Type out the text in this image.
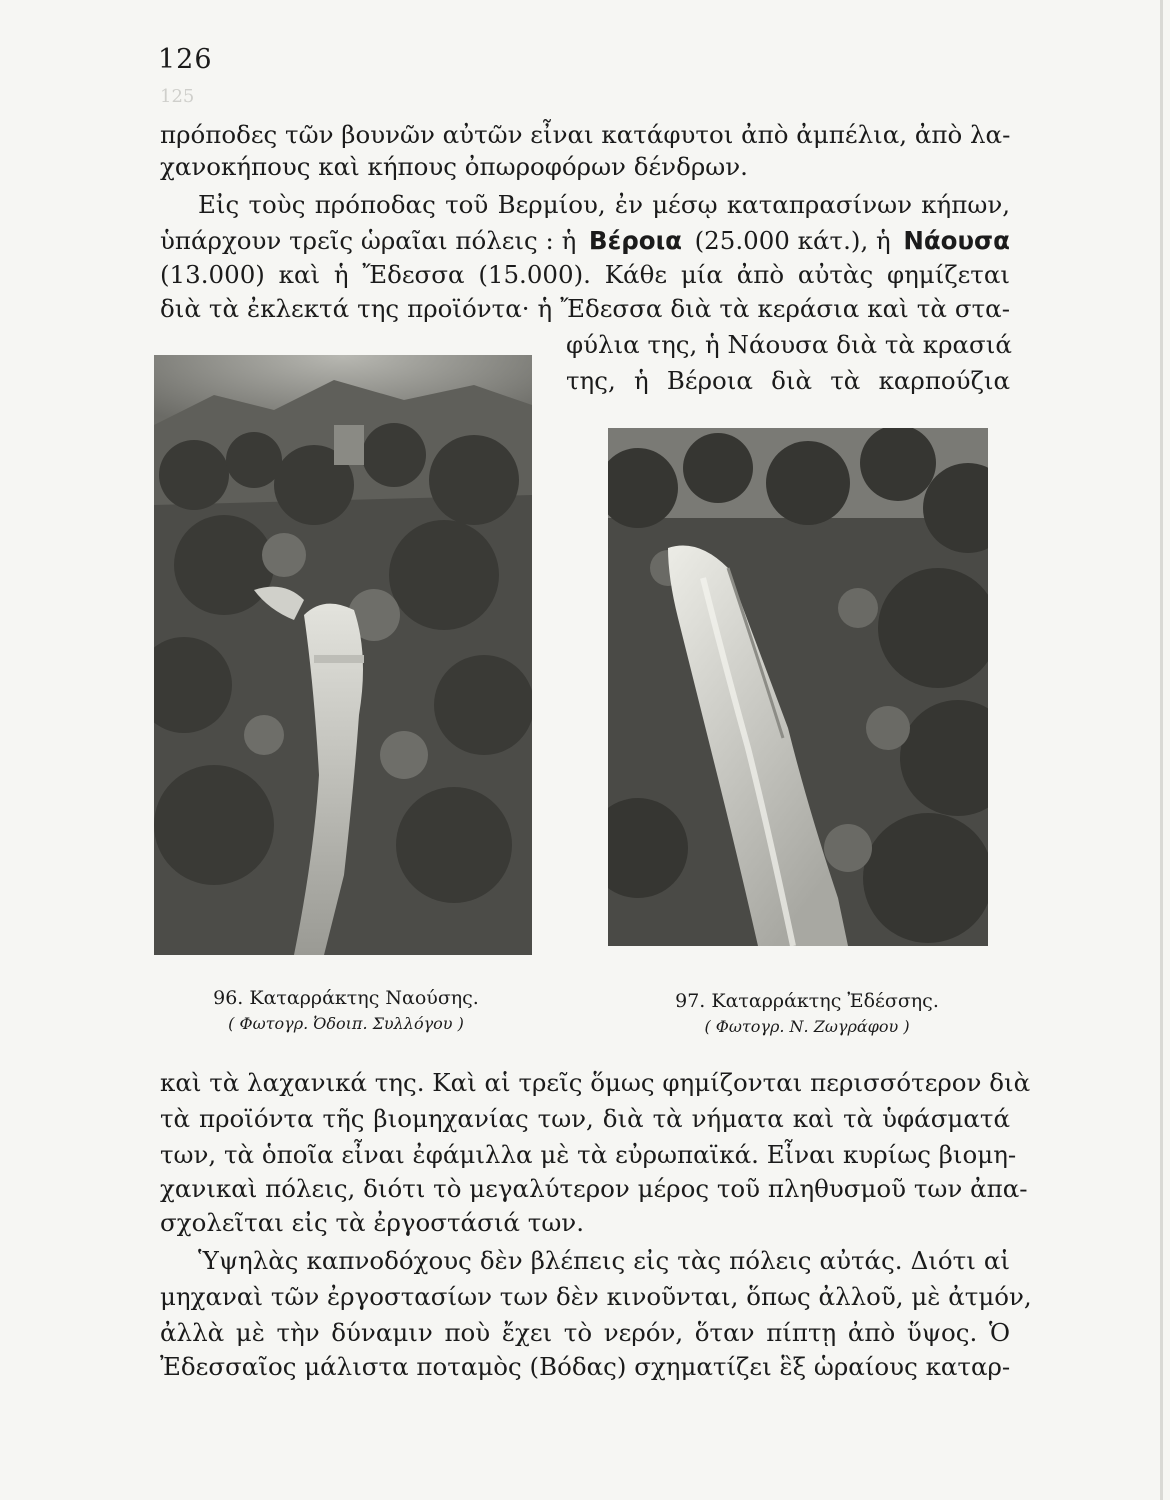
126
125
πρόποδες τῶν βουνῶν αὐτῶν εἶναι κατάφυτοι ἀπὸ ἀμπέλια, ἀπὸ λα-
χανοκήπους καὶ κήπους ὀπωροφόρων δένδρων.
Εἰς τοὺς πρόποδας τοῦ Βερμίου, ἐν μέσῳ καταπρασίνων κήπων,
ὑπάρχουν τρεῖς ὡραῖαι πόλεις : ἡ Βέροια (25.000 κάτ.), ἡ Νάουσα
(13.000) καὶ ἡ Ἔδεσσα (15.000). Κάθε μία ἀπὸ αὐτὰς φημίζεται
διὰ τὰ ἐκλεκτά της προϊόντα· ἡ Ἔδεσσα διὰ τὰ κεράσια καὶ τὰ στα-
φύλια της, ἡ Νάουσα διὰ τὰ κρασιά
της, ἡ Βέροια διὰ τὰ καρπούζια
96. Καταρράκτης Ναούσης.
( Φωτογρ. Ὀδοιπ. Συλλόγου )
97. Καταρράκτης Ἐδέσσης.
( Φωτογρ. Ν. Ζωγράφου )
καὶ τὰ λαχανικά της. Καὶ αἱ τρεῖς ὅμως φημίζονται περισσότερον διὰ
τὰ προϊόντα τῆς βιομηχανίας των, διὰ τὰ νήματα καὶ τὰ ὑφάσματά
των, τὰ ὁποῖα εἶναι ἐφάμιλλα μὲ τὰ εὐρωπαϊκά. Εἶναι κυρίως βιομη-
χανικαὶ πόλεις, διότι τὸ μεγαλύτερον μέρος τοῦ πληθυσμοῦ των ἀπα-
σχολεῖται εἰς τὰ ἐργοστάσιά των.
Ὑψηλὰς καπνοδόχους δὲν βλέπεις εἰς τὰς πόλεις αὐτάς. Διότι αἱ
μηχαναὶ τῶν ἐργοστασίων των δὲν κινοῦνται, ὅπως ἀλλοῦ, μὲ ἀτμόν,
ἀλλὰ μὲ τὴν δύναμιν ποὺ ἔχει τὸ νερόν, ὅταν πίπτῃ ἀπὸ ὕψος. Ὁ
Ἐδεσσαῖος μάλιστα ποταμὸς (Βόδας) σχηματίζει ἓξ ὡραίους καταρ-
